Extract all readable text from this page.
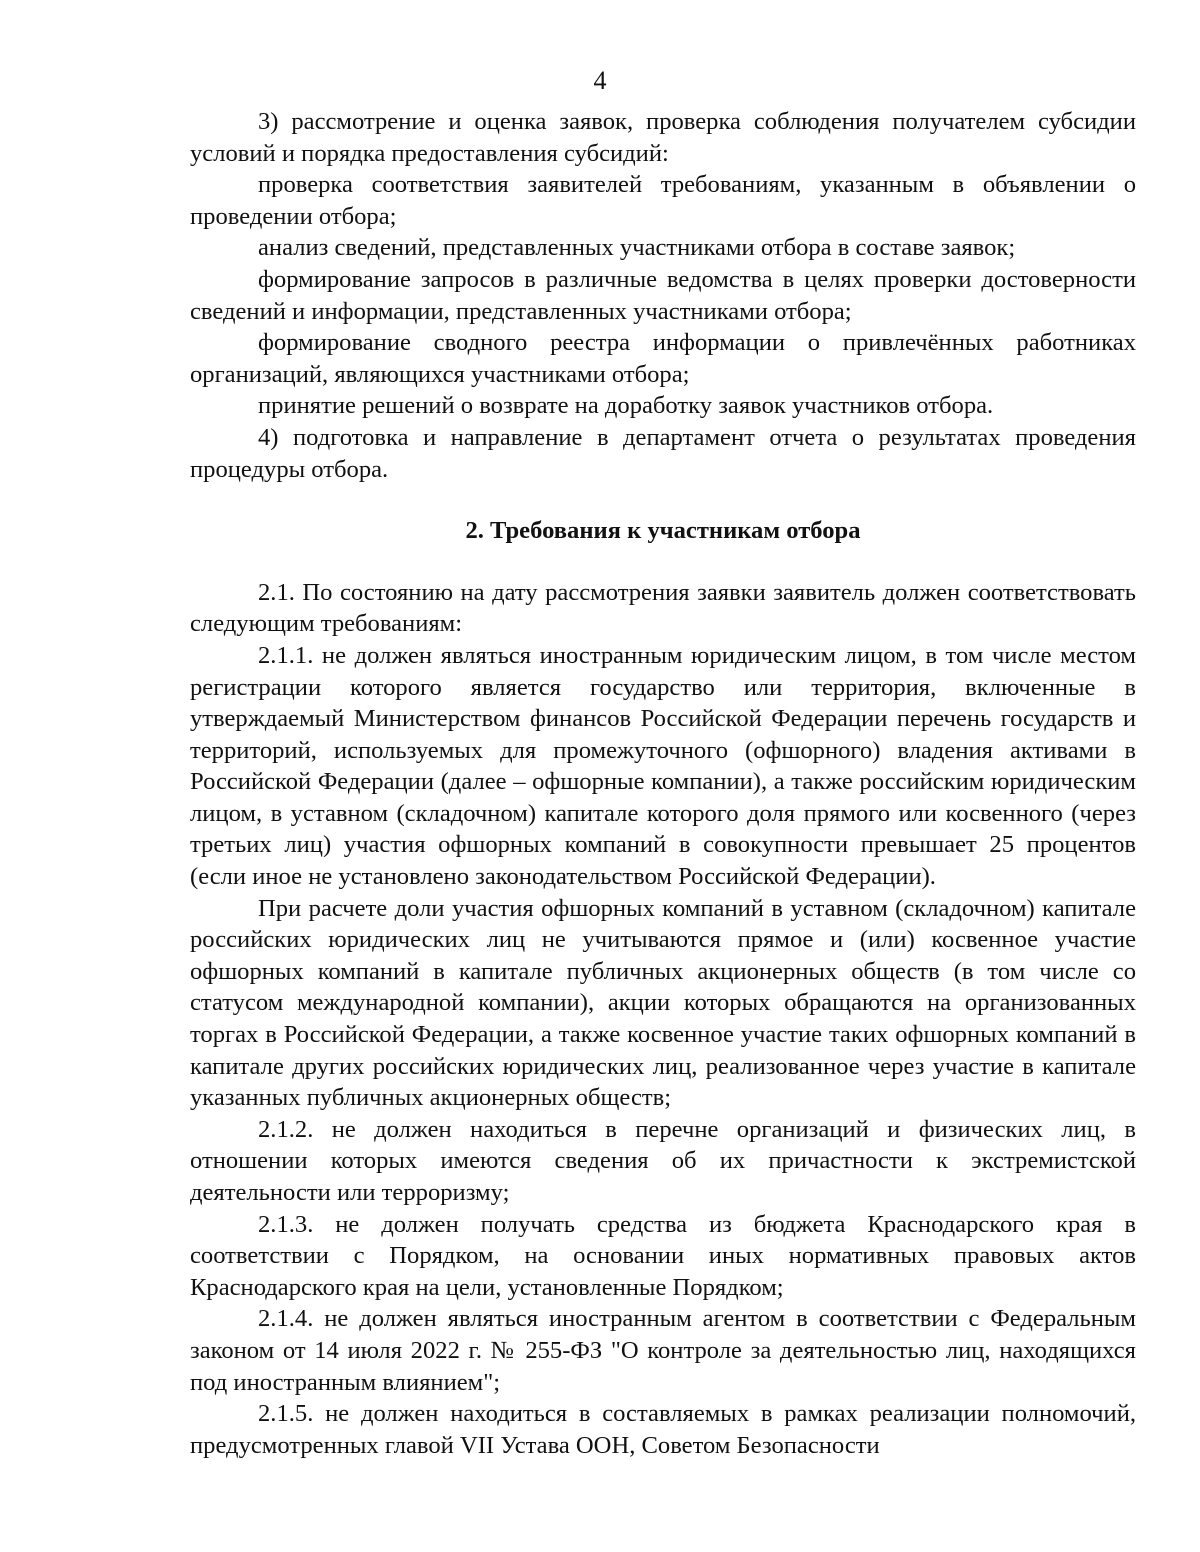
4

3) рассмотрение и оценка заявок, проверка соблюдения получателем субсидии условий и порядка предоставления субсидий:

проверка соответствия заявителей требованиям, указанным в объявлении о проведении отбора;

анализ сведений, представленных участниками отбора в составе заявок;

формирование запросов в различные ведомства в целях проверки достоверности сведений и информации, представленных участниками отбора;

формирование сводного реестра информации о привлечённых работниках организаций, являющихся участниками отбора;

принятие решений о возврате на доработку заявок участников отбора.

4) подготовка и направление в департамент отчета о результатах проведения процедуры отбора.

2. Требования к участникам отбора

2.1. По состоянию на дату рассмотрения заявки заявитель должен соответствовать следующим требованиям:

2.1.1. не должен являться иностранным юридическим лицом, в том числе местом регистрации которого является государство или территория, включенные в утверждаемый Министерством финансов Российской Федерации перечень государств и территорий, используемых для промежуточного (офшорного) владения активами в Российской Федерации (далее – офшорные компании), а также российским юридическим лицом, в уставном (складочном) капитале которого доля прямого или косвенного (через третьих лиц) участия офшорных компаний в совокупности превышает 25 процентов (если иное не установлено законодательством Российской Федерации).

При расчете доли участия офшорных компаний в уставном (складочном) капитале российских юридических лиц не учитываются прямое и (или) косвенное участие офшорных компаний в капитале публичных акционерных обществ (в том числе со статусом международной компании), акции которых обращаются на организованных торгах в Российской Федерации, а также косвенное участие таких офшорных компаний в капитале других российских юридических лиц, реализованное через участие в капитале указанных публичных акционерных обществ;

2.1.2. не должен находиться в перечне организаций и физических лиц, в отношении которых имеются сведения об их причастности к экстремистской деятельности или терроризму;

2.1.3. не должен получать средства из бюджета Краснодарского края в соответствии с Порядком, на основании иных нормативных правовых актов Краснодарского края на цели, установленные Порядком;

2.1.4. не должен являться иностранным агентом в соответствии с Федеральным законом от 14 июля 2022 г. № 255-ФЗ "О контроле за деятельностью лиц, находящихся под иностранным влиянием";

2.1.5. не должен находиться в составляемых в рамках реализации полномочий, предусмотренных главой VII Устава ООН, Советом Безопасности
